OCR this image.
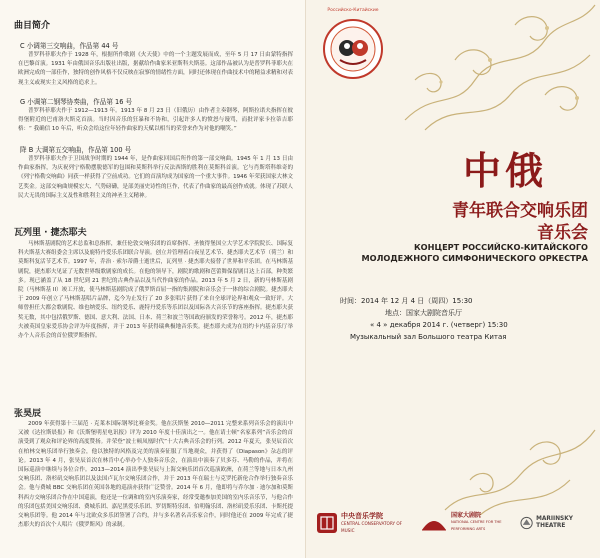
曲目简介
C 小调第三交响曲，作品第 44 号
普罗科菲耶夫作于 1928 年，根据所作歌剧《火天使》中的一个主题发展而成，至年 5 月 17 日由蒙特指挥在巴黎首演。1931 年由俄国音乐出版社出版，据献给作曲家米亚斯科夫斯基。这部作品被认为是普罗科菲耶夫在欧洲完成的一部佳作，独特的创作风格不仅反映在寂寥的情绪性方面，同时还体现在作曲技术中的精益求精和对表现主义或现实主义风格的追求上。
G 小调第二钢琴协奏曲，作品第 16 号
普罗科菲耶夫作于 1912—1913 年。1913 年 8 月 23 日（旧俄历）由作者主奏钢琴，阿斯拉诺夫指挥在彼得堡附近的巴甫洛夫斯克首演。当时因音乐的狂暴和不协和，引起许多人的愤怒与谩骂，而批评家卡拉蒂吉耶格：“ 我确信 10 年后，听众会给这位年轻作曲家的天赋以相当的荣誉来作为对他的嘲笑。”
降 B 大调第五交响曲，作品第 100 号
普罗科菲耶夫作于卫国战争时期的 1944 年，是作曲家回国后所作的第一部交响曲。1945 年 1 月 13 日由作曲家指挥，为庆祝列宁格勒摆脱德军的包围和莫斯科举行反法西斯的胜利在莫斯科首演。它与肖斯塔科维奇的《列宁格勒交响曲》同获一样获得了空前成功。它们的首演均成为国家的一个重大事件。1946 年荣获国家大林文艺奖金。这部交响曲规模宏大、气势磅礴，是部美丽史诗性的巨作，代表了作曲家的最高创作成就。体现了苏联人民大无畏的国际主义及性和胜利主义的神圣主义精神。
瓦列里 · 捷杰耶夫
马林斯基剧院的艺术总监和总指挥，兼任伦敦交响乐团的首席指挥、圣彼得堡国立大学艺术学院院长、国际复科夫斯基大赛组委会主席以及鹿特丹爱乐乐团联合导演。创立并管理着白夜星艺术节、捷杰耶夫艺术节（荷兰）和莫斯科复活节艺术节。1997 年，乔治 · 索尔蒂爵士逝世后，瓦列里 · 捷杰耶夫接替了世界和平乐团。在马林斯基剧院，捷杰耶夫见证了无数世界级歌剧家的成长。在他的领导下，剧院的歌剧和芭蕾舞保留剧目达上百部，种类繁多。现已涵盖了从 18 世纪到 21 世纪的古典作品以及当代作曲家的作品。2013 年 5 月 2 日，新的马林斯基剧院（马林斯基 II）竣工开放，使马林斯基剧院成了俄罗斯首屈一指的集剧院和音乐会于一体的综合剧院。捷杰耶夫于 2009 年创立了马林斯基唱片品牌，迄今为止发行了 20 多张唱片获得了来自全球评论界和观众一致好评。大师曾担任大都会歌剧院、维也纳爱乐、纽约爱乐、鹿特丹爱乐等乐团以及国际各大音乐节的客座指挥。捷杰耶夫获奖无数，其中包括俄罗斯、德国、意大利、法国、日本、荷兰和波兰等国政府颁发的荣誉称号。2012 年，捷杰耶夫被英国皇家爱乐协会评为年度指挥，并于 2013 年获得瑞典极地音乐奖。捷杰耶夫成为在纽约卡内基音乐厅举办个人音乐会的首位俄罗斯指挥。
张昊辰
2009 年获得第十三届范 · 克莱本国际钢琴比赛金奖。他在沃斯堡 2010—2011 完整来系列音乐会的演出中又被《达拉斯晨报》和《沃斯堡明星电讯报》评为 2010 年度十佳演出之一。他在请士顿“名家系列”音乐会的首演受到了观众和评论界的高度赞扬。并荣登“波士顿凤凰时代”十大古典音乐会的行列。2012 年夏天，张昊辰首次在柏林交响乐团举行独奏会，他以独特的风格及完美的演奏征服了当地观众，并获得了《Diapason》杂志的评论。2013 年 4 月，张昊辰首次在林肯中心举办个人独奏音乐会，在演出中演奏了贝多芬、马勒的作品，并将在国际巡演中继续与各位合作。2013—2014 演出季张昊辰与上海交响乐团首次巡演欧洲，在荷兰等地与日本九州交响乐团、洛杉矶交响乐团以及法国卢瓦尔交响乐团合作，并于 2013 年在瑞士与克罗托新伦合作举行独奏音乐会。他与费城 BBC 交响乐团在英国各地的巡演亦获得广泛赞誉。2014 年 6 月，他即将与乔尔加 · 迪尔加和莫斯科西方交响乐团合作在中国巡演，他还是一位调和的室内乐演奏家，经常受邀参加美国的室内乐音乐节，与他合作的乐团包括美国交响乐团、费城乐团、嘉尼黑爱乐乐团、罗切斯特乐团、伯明翰乐团、洛杉矶爱乐乐团、卡斯托提交响乐团等。他 2014 年与北欧众多乐团签署了合约，并与多名著名音乐家合作，同时他还在 2009 年完成了捷杰耶夫的首次个人唱片《俄罗斯风》的录制。
Российско-Китайские
中俄
青年联合交响乐团
音乐会
КОНЦЕРТ РОССИЙСКО-КИТАЙСКОГО
МОЛОДЕЖНОГО СИМФОНИЧЕСКОГО ОРКЕСТРА
时间：2014 年 12 月 4 日（周四）15:30
地点：国家大剧院音乐厅
« 4 » декабря 2014 г. (четверг) 15:30
Музыкальный зал Большого театра Китая
中央音乐学院
CENTRAL CONSERVATORY OF MUSIC
国家大剧院
NATIONAL CENTRE FOR THE PERFORMING ARTS
MARIINSKY THEATRE
